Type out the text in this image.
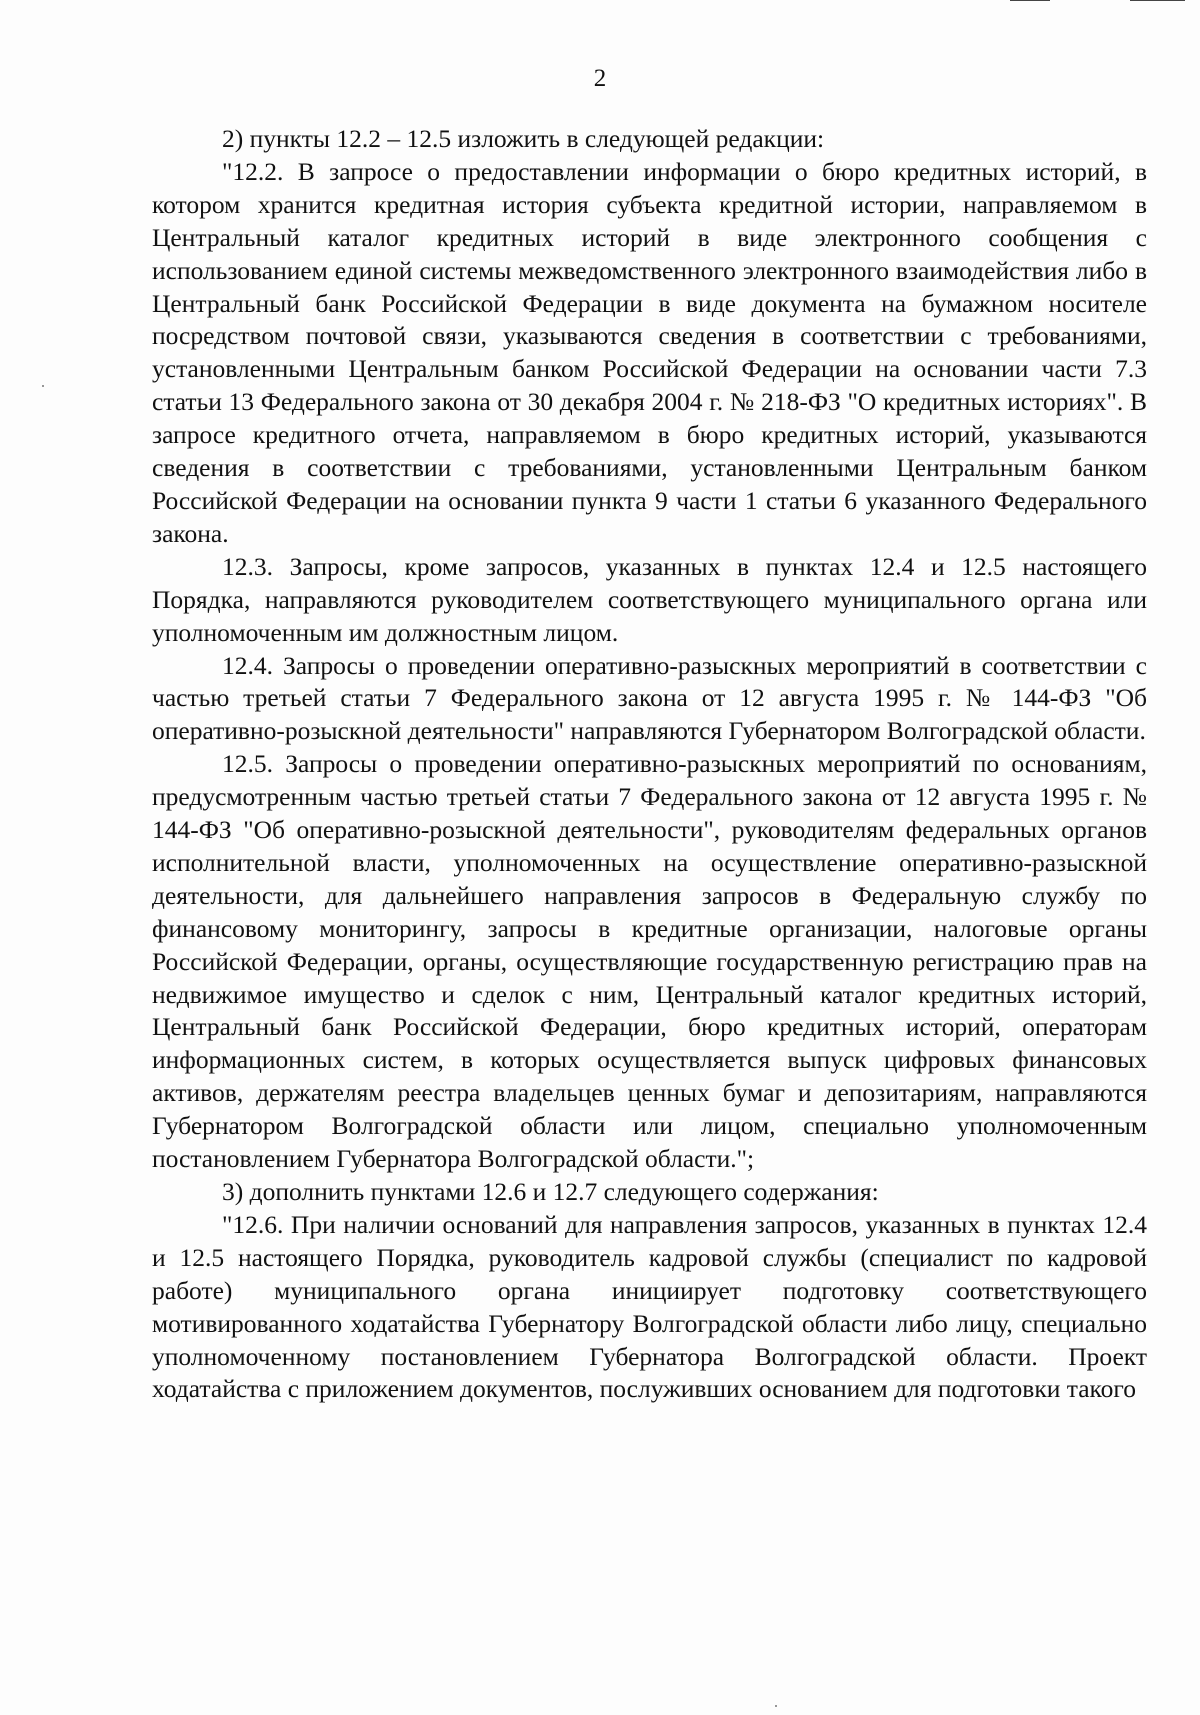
2

2) пункты 12.2 – 12.5 изложить в следующей редакции:

"12.2. В запросе о предоставлении информации о бюро кредитных историй, в котором хранится кредитная история субъекта кредитной истории, направляемом в Центральный каталог кредитных историй в виде электронного сообщения с использованием единой системы межведомственного электронного взаимодействия либо в Центральный банк Российской Федерации в виде документа на бумажном носителе посредством почтовой связи, указываются сведения в соответствии с требованиями, установленными Центральным банком Российской Федерации на основании части 7.3 статьи 13 Федерального закона от 30 декабря 2004 г. № 218-ФЗ "О кредитных историях". В запросе кредитного отчета, направляемом в бюро кредитных историй, указываются сведения в соответствии с требованиями, установленными Центральным банком Российской Федерации на основании пункта 9 части 1 статьи 6 указанного Федерального закона.

12.3. Запросы, кроме запросов, указанных в пунктах 12.4 и 12.5 настоящего Порядка, направляются руководителем соответствующего муниципального органа или уполномоченным им должностным лицом.

12.4. Запросы о проведении оперативно-разыскных мероприятий в соответствии с частью третьей статьи 7 Федерального закона от 12 августа 1995 г. № 144-ФЗ "Об оперативно-розыскной деятельности" направляются Губернатором Волгоградской области.

12.5. Запросы о проведении оперативно-разыскных мероприятий по основаниям, предусмотренным частью третьей статьи 7 Федерального закона от 12 августа 1995 г. № 144-ФЗ "Об оперативно-розыскной деятельности", руководителям федеральных органов исполнительной власти, уполномоченных на осуществление оперативно-разыскной деятельности, для дальнейшего направления запросов в Федеральную службу по финансовому мониторингу, запросы в кредитные организации, налоговые органы Российской Федерации, органы, осуществляющие государственную регистрацию прав на недвижимое имущество и сделок с ним, Центральный каталог кредитных историй, Центральный банк Российской Федерации, бюро кредитных историй, операторам информационных систем, в которых осуществляется выпуск цифровых финансовых активов, держателям реестра владельцев ценных бумаг и депозитариям, направляются Губернатором Волгоградской области или лицом, специально уполномоченным постановлением Губернатора Волгоградской области.";

3) дополнить пунктами 12.6 и 12.7 следующего содержания:

"12.6. При наличии оснований для направления запросов, указанных в пунктах 12.4 и 12.5 настоящего Порядка, руководитель кадровой службы (специалист по кадровой работе) муниципального органа инициирует подготовку соответствующего мотивированного ходатайства Губернатору Волгоградской области либо лицу, специально уполномоченному постановлением Губернатора Волгоградской области. Проект ходатайства с приложением документов, послуживших основанием для подготовки такого
